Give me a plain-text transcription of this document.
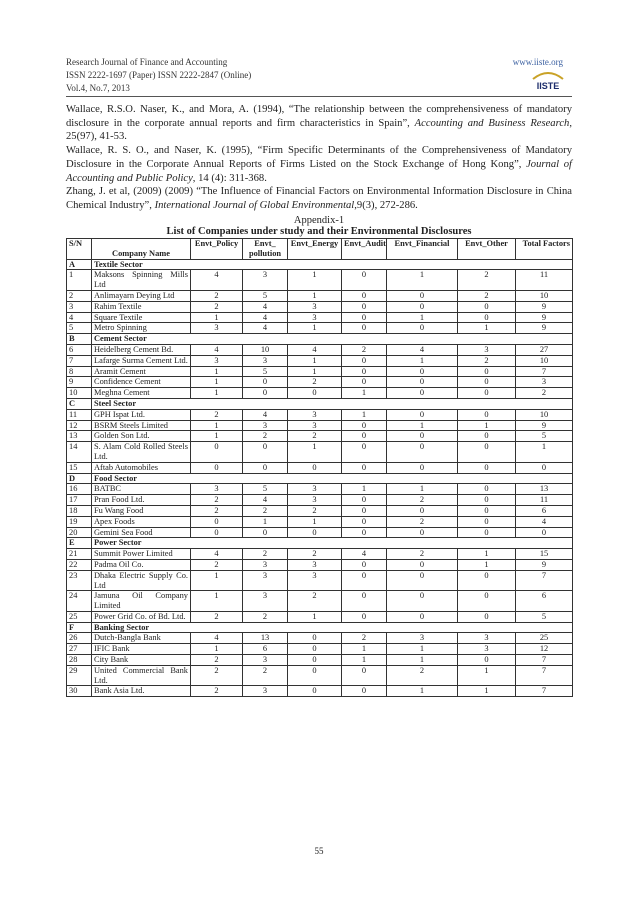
Research Journal of Finance and Accounting
ISSN 2222-1697 (Paper) ISSN 2222-2847 (Online)
Vol.4, No.7, 2013
www.iiste.org
IISTE

Wallace, R.S.O. Naser, K., and Mora, A. (1994), “The relationship between the comprehensiveness of mandatory disclosure in the corporate annual reports and firm characteristics in Spain”, Accounting and Business Research, 25(97), 41-53.

Wallace, R. S. O., and Naser, K. (1995), “Firm Specific Determinants of the Comprehensiveness of Mandatory Disclosure in the Corporate Annual Reports of Firms Listed on the Stock Exchange of Hong Kong”, Journal of Accounting and Public Policy, 14 (4): 311-368.

Zhang, J. et al, (2009) (2009) “The Influence of Financial Factors on Environmental Information Disclosure in China Chemical Industry”, International Journal of Global Environmental,9(3), 272-286.

Appendix-1
List of Companies under study and their Environmental Disclosures
S/N	Company Name	Envt_Policy	Envt_ pollution	Envt_Energy	Envt_Audit	Envt_Financial	Envt_Other	Total Factors
A	Textile Sector							
1	Maksons Spinning Mills Ltd	4	3	1	0	1	2	11
2	Anlimayarn Deying Ltd	2	5	1	0	0	2	10
3	Rahim Textile	2	4	3	0	0	0	9
4	Square Textile	1	4	3	0	1	0	9
5	Metro Spinning	3	4	1	0	0	1	9
B	Cement Sector							
6	Heidelberg Cement Bd.	4	10	4	2	4	3	27
7	Lafarge Surma Cement Ltd.	3	3	1	0	1	2	10
8	Aramit Cement	1	5	1	0	0	0	7
9	Confidence Cement	1	0	2	0	0	0	3
10	Meghna Cement	1	0	0	1	0	0	2
C	Steel Sector							
11	GPH Ispat Ltd.	2	4	3	1	0	0	10
12	BSRM Steels Limited	1	3	3	0	1	1	9
13	Golden Son Ltd.	1	2	2	0	0	0	5
14	S. Alam Cold Rolled Steels Ltd.	0	0	1	0	0	0	1
15	Aftab Automobiles	0	0	0	0	0	0	0
D	Food Sector							
16	BATBC	3	5	3	1	1	0	13
17	Pran Food Ltd.	2	4	3	0	2	0	11
18	Fu Wang Food	2	2	2	0	0	0	6
19	Apex Foods	0	1	1	0	2	0	4
20	Gemini Sea Food	0	0	0	0	0	0	0
E	Power Sector							
21	Summit Power Limited	4	2	2	4	2	1	15
22	Padma Oil Co.	2	3	3	0	0	1	9
23	Dhaka Electric Supply Co. Ltd	1	3	3	0	0	0	7
24	Jamuna Oil Company Limited	1	3	2	0	0	0	6
25	Power Grid Co. of Bd. Ltd.	2	2	1	0	0	0	5
F	Banking Sector							
26	Dutch-Bangla Bank	4	13	0	2	3	3	25
27	IFIC Bank	1	6	0	1	1	3	12
28	City Bank	2	3	0	1	1	0	7
29	United Commercial Bank Ltd.	2	2	0	0	2	1	7
30	Bank Asia Ltd.	2	3	0	0	1	1	7
55
